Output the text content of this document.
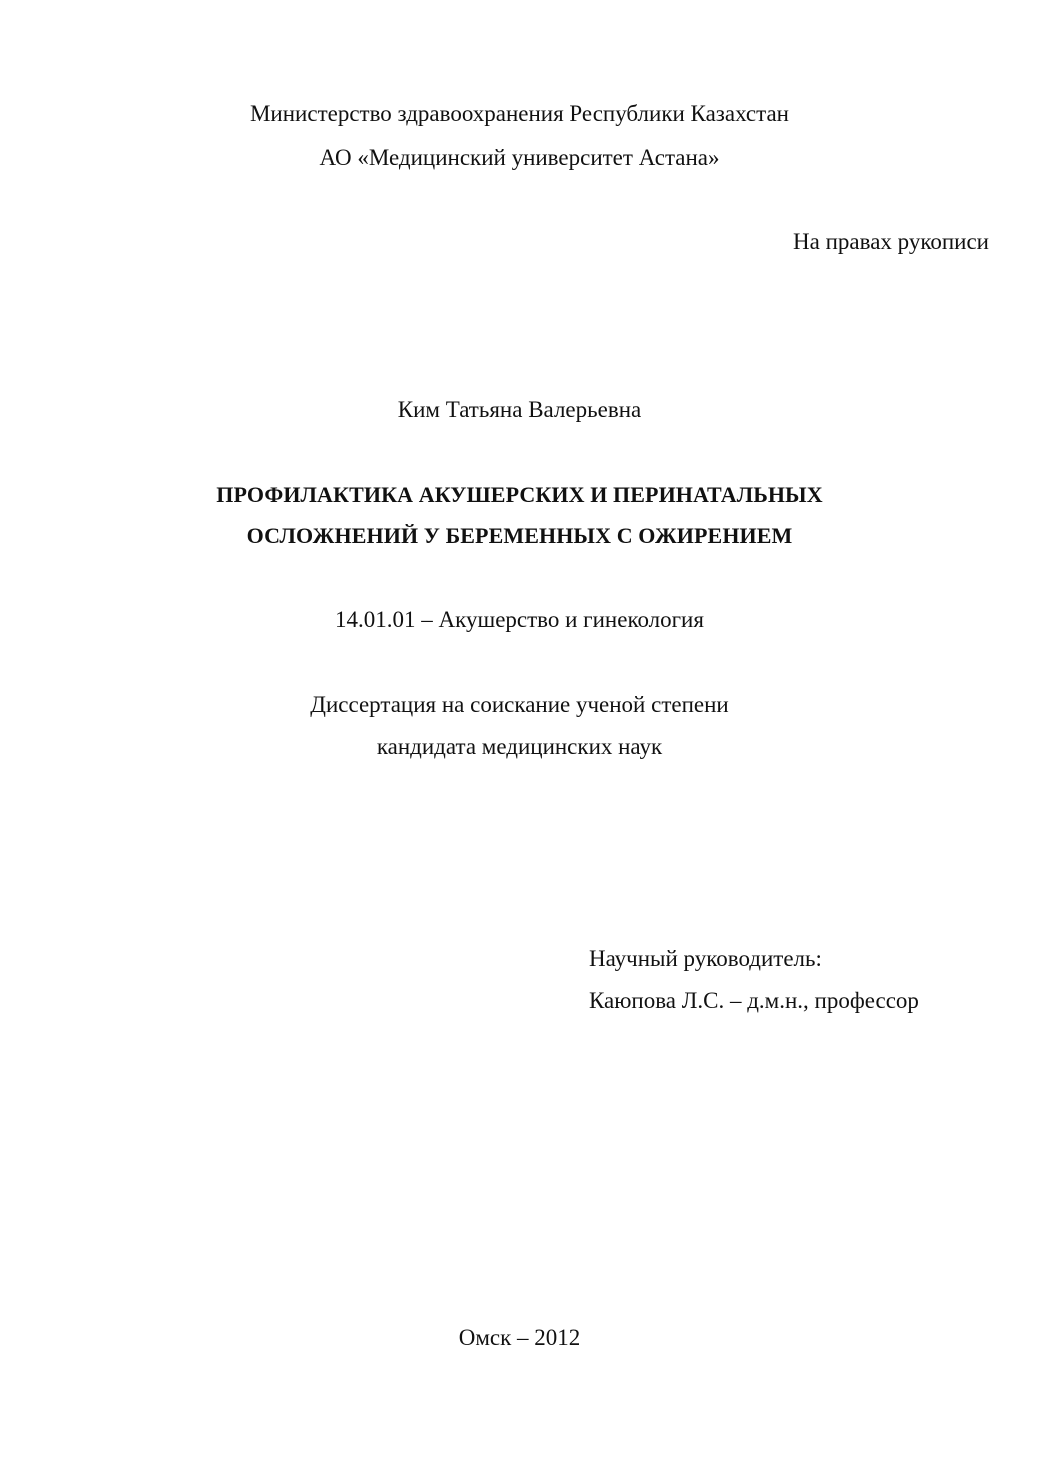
Министерство здравоохранения Республики Казахстан
АО «Медицинский университет Астана»
На правах рукописи
Ким Татьяна Валерьевна
ПРОФИЛАКТИКА АКУШЕРСКИХ И ПЕРИНАТАЛЬНЫХ
ОСЛОЖНЕНИЙ У БЕРЕМЕННЫХ С ОЖИРЕНИЕМ
14.01.01 – Акушерство и гинекология
Диссертация на соискание ученой степени
кандидата медицинских наук
Научный руководитель:
Каюпова Л.С. – д.м.н., профессор
Омск – 2012
